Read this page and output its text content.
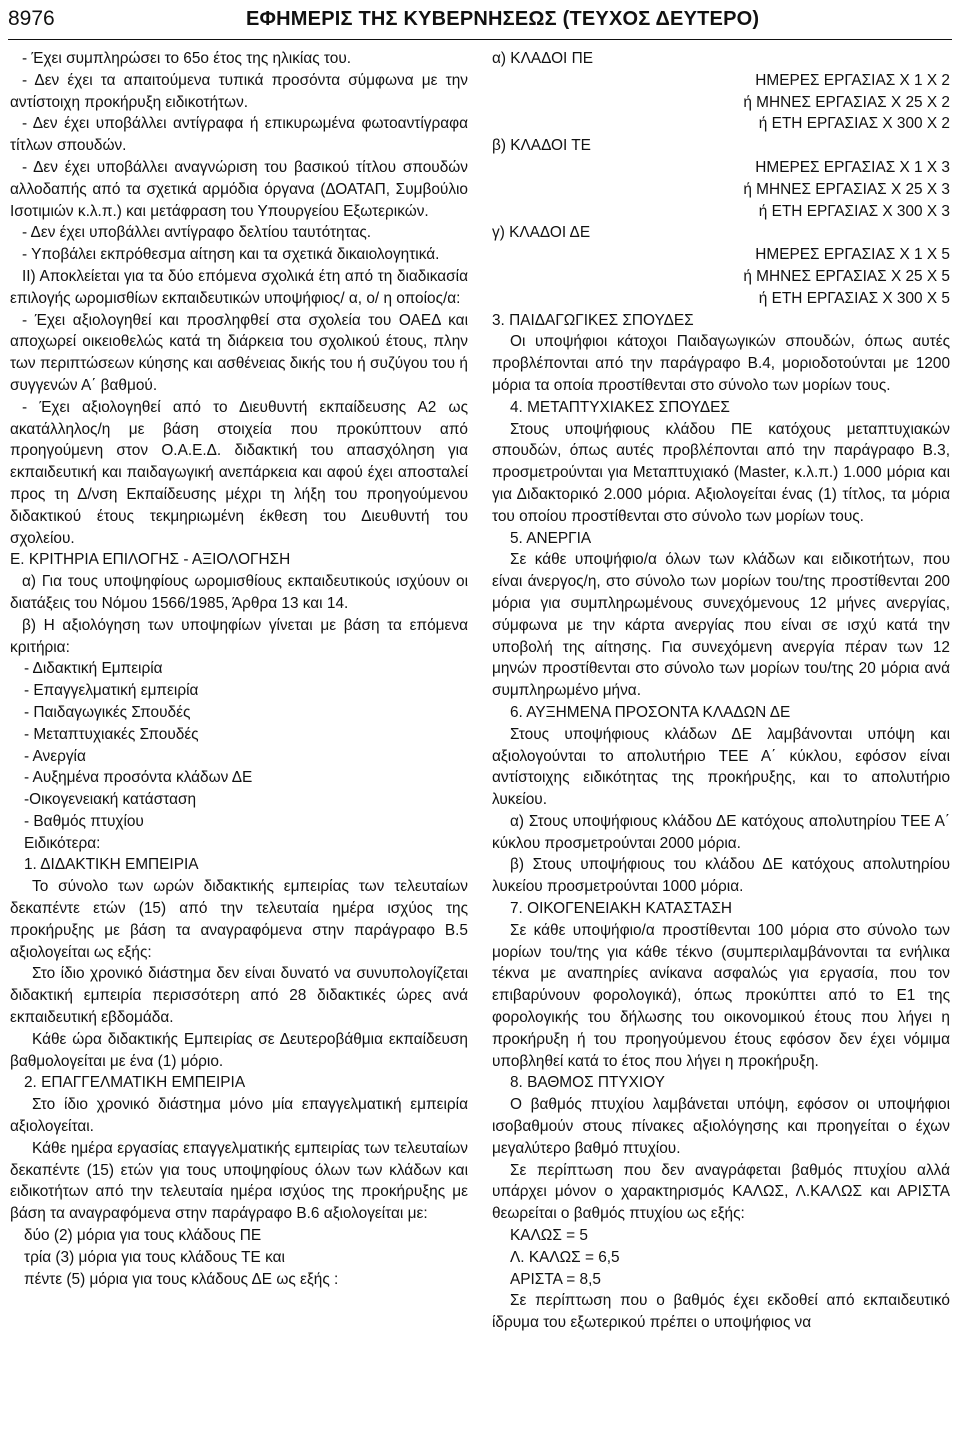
8976	ΕΦΗΜΕΡΙΣ ΤΗΣ ΚΥΒΕΡΝΗΣΕΩΣ (ΤΕΥΧΟΣ ΔΕΥΤΕΡΟ)

- Έχει συμπληρώσει το 65ο έτος της ηλικίας του.

- Δεν έχει τα απαιτούμενα τυπικά προσόντα σύμφωνα με την αντίστοιχη προκήρυξη ειδικοτήτων.

- Δεν έχει υποβάλλει αντίγραφα ή επικυρωμένα φωτοαντίγραφα τίτλων σπουδών.

- Δεν έχει υποβάλλει αναγνώριση του βασικού τίτλου σπουδών αλλοδαπής από τα σχετικά αρμόδια όργανα (ΔΟΑΤΑΠ, Συμβούλιο Ισοτιμιών κ.λ.π.) και μετάφραση του Υπουργείου Εξωτερικών.

- Δεν έχει υποβάλλει αντίγραφο δελτίου ταυτότητας.

- Υποβάλει εκπρόθεσμα αίτηση και τα σχετικά δικαιολογητικά.

ΙΙ) Αποκλείεται για τα δύο επόμενα σχολικά έτη από τη διαδικασία επιλογής ωρομισθίων εκπαιδευτικών υποψήφιος/ α, ο/ η οποίος/α:

- Έχει αξιολογηθεί και προσληφθεί στα σχολεία του ΟΑΕΔ και αποχωρεί οικειοθελώς κατά τη διάρκεια του σχολικού έτους, πλην των περιπτώσεων κύησης και ασθένειας δικής του ή συζύγου του ή συγγενών Α΄ βαθμού.

- Έχει αξιολογηθεί από το Διευθυντή εκπαίδευσης Α2 ως ακατάλληλος/η με βάση στοιχεία που προκύπτουν από προηγούμενη στον Ο.Α.Ε.Δ. διδακτική του απασχόληση για εκπαιδευτική και παιδαγωγική ανεπάρκεια και αφού έχει αποσταλεί προς τη Δ/νση Εκπαίδευσης μέχρι τη λήξη του προηγούμενου διδακτικού έτους τεκμηριωμένη έκθεση του Διευθυντή του σχολείου.

Ε. ΚΡΙΤΗΡΙΑ ΕΠΙΛΟΓΗΣ - ΑΞΙΟΛΟΓΗΣΗ

α) Για τους υποψηφίους ωρομισθίους εκπαιδευτικούς ισχύουν οι διατάξεις του Νόμου 1566/1985, Άρθρα 13 και 14.

β) Η αξιολόγηση των υποψηφίων γίνεται με βάση τα επόμενα κριτήρια:

- Διδακτική Εμπειρία

- Επαγγελματική εμπειρία

- Παιδαγωγικές Σπουδές

- Μεταπτυχιακές Σπουδές

- Ανεργία

- Αυξημένα προσόντα κλάδων ΔΕ

-Οικογενειακή κατάσταση

- Βαθμός πτυχίου

Ειδικότερα:

1. ΔΙΔΑΚΤΙΚΗ ΕΜΠΕΙΡΙΑ

Το σύνολο των ωρών διδακτικής εμπειρίας των τελευταίων δεκαπέντε ετών (15) από την τελευταία ημέρα ισχύος της προκήρυξης με βάση τα αναγραφόμενα στην παράγραφο Β.5 αξιολογείται ως εξής:

Στο ίδιο χρονικό διάστημα δεν είναι δυνατό να συνυπολογίζεται διδακτική εμπειρία περισσότερη από 28 διδακτικές ώρες ανά εκπαιδευτική εβδομάδα.

Κάθε ώρα διδακτικής Εμπειρίας σε Δευτεροβάθμια εκπαίδευση βαθμολογείται με ένα (1) μόριο.

2. ΕΠΑΓΓΕΛΜΑΤΙΚΗ ΕΜΠΕΙΡΙΑ

Στο ίδιο χρονικό διάστημα μόνο μία επαγγελματική εμπειρία αξιολογείται.

Κάθε ημέρα εργασίας επαγγελματικής εμπειρίας των τελευταίων δεκαπέντε (15) ετών για τους υποψηφίους όλων των κλάδων και ειδικοτήτων από την τελευταία ημέρα ισχύος της προκήρυξης με βάση τα αναγραφόμενα στην παράγραφο Β.6 αξιολογείται με:

δύο (2) μόρια για τους κλάδους ΠΕ

τρία (3) μόρια για τους κλάδους ΤΕ και

πέντε (5) μόρια για τους κλάδους ΔΕ ως εξής :

α) ΚΛΑΔΟΙ ΠΕ

ΗΜΕΡΕΣ ΕΡΓΑΣΙΑΣ Χ 1 Χ 2
ή ΜΗΝΕΣ ΕΡΓΑΣΙΑΣ Χ 25 Χ 2
ή ΕΤΗ ΕΡΓΑΣΙΑΣ Χ 300 Χ 2

β) ΚΛΑΔΟΙ ΤΕ

ΗΜΕΡΕΣ ΕΡΓΑΣΙΑΣ Χ 1 Χ 3
ή ΜΗΝΕΣ ΕΡΓΑΣΙΑΣ Χ 25 Χ 3
ή ΕΤΗ ΕΡΓΑΣΙΑΣ Χ 300 Χ 3

γ) ΚΛΑΔΟΙ ΔΕ

ΗΜΕΡΕΣ ΕΡΓΑΣΙΑΣ Χ 1 Χ 5
ή ΜΗΝΕΣ ΕΡΓΑΣΙΑΣ Χ 25 Χ 5
ή ΕΤΗ ΕΡΓΑΣΙΑΣ Χ 300 Χ 5

3. ΠΑΙΔΑΓΩΓΙΚΕΣ ΣΠΟΥΔΕΣ

Οι υποψήφιοι κάτοχοι Παιδαγωγικών σπουδών, όπως αυτές προβλέπονται από την παράγραφο Β.4, μοριοδοτούνται με 1200 μόρια τα οποία προστίθενται στο σύνολο των μορίων τους.

4. ΜΕΤΑΠΤΥΧΙΑΚΕΣ ΣΠΟΥΔΕΣ

Στους υποψήφιους κλάδου ΠΕ κατόχους μεταπτυχιακών σπουδών, όπως αυτές προβλέπονται από την παράγραφο Β.3, προσμετρούνται για Μεταπτυχιακό (Master, κ.λ.π.) 1.000 μόρια και για Διδακτορικό 2.000 μόρια. Αξιολογείται ένας (1) τίτλος, τα μόρια του οποίου προστίθενται στο σύνολο των μορίων τους.

5. ΑΝΕΡΓΙΑ

Σε κάθε υποψήφιο/α όλων των κλάδων και ειδικοτήτων, που είναι άνεργος/η, στο σύνολο των μορίων του/της προστίθενται 200 μόρια για συμπληρωμένους συνεχόμενους 12 μήνες ανεργίας, σύμφωνα με την κάρτα ανεργίας που είναι σε ισχύ κατά την υποβολή της αίτησης. Για συνεχόμενη ανεργία πέραν των 12 μηνών προστίθενται στο σύνολο των μορίων του/της 20 μόρια ανά συμπληρωμένο μήνα.

6. ΑΥΞΗΜΕΝΑ ΠΡΟΣΟΝΤΑ ΚΛΑΔΩΝ ΔΕ

Στους υποψήφιους κλάδων ΔΕ λαμβάνονται υπόψη και αξιολογούνται το απολυτήριο ΤΕΕ Α΄ κύκλου, εφόσον είναι αντίστοιχης ειδικότητας της προκήρυξης, και το απολυτήριο λυκείου.

α) Στους υποψήφιους κλάδου ΔΕ κατόχους απολυτηρίου ΤΕΕ Α΄ κύκλου προσμετρούνται 2000 μόρια.

β) Στους υποψήφιους του κλάδου ΔΕ κατόχους απολυτηρίου λυκείου προσμετρούνται 1000 μόρια.

7. ΟΙΚΟΓΕΝΕΙΑΚΗ ΚΑΤΑΣΤΑΣΗ

Σε κάθε υποψήφιο/α προστίθενται 100 μόρια στο σύνολο των μορίων του/της για κάθε τέκνο (συμπεριλαμβάνονται τα ενήλικα τέκνα με αναπηρίες ανίκανα ασφαλώς για εργασία, που τον επιβαρύνουν φορολογικά), όπως προκύπτει από το Ε1 της φορολογικής του δήλωσης του οικονομικού έτους που λήγει η προκήρυξη ή του προηγούμενου έτους εφόσον δεν έχει νόμιμα υποβληθεί κατά το έτος που λήγει η προκήρυξη.

8. ΒΑΘΜΟΣ ΠΤΥΧΙΟΥ

Ο βαθμός πτυχίου λαμβάνεται υπόψη, εφόσον οι υποψήφιοι ισοβαθμούν στους πίνακες αξιολόγησης και προηγείται ο έχων μεγαλύτερο βαθμό πτυχίου.

Σε περίπτωση που δεν αναγράφεται βαθμός πτυχίου αλλά υπάρχει μόνον ο χαρακτηρισμός ΚΑΛΩΣ, Λ.ΚΑΛΩΣ και ΑΡΙΣΤΑ θεωρείται ο βαθμός πτυχίου ως εξής:

ΚΑΛΩΣ = 5

Λ. ΚΑΛΩΣ = 6,5

ΑΡΙΣΤΑ = 8,5

Σε περίπτωση που ο βαθμός έχει εκδοθεί από εκπαιδευτικό ίδρυμα του εξωτερικού πρέπει ο υποψήφιος να
